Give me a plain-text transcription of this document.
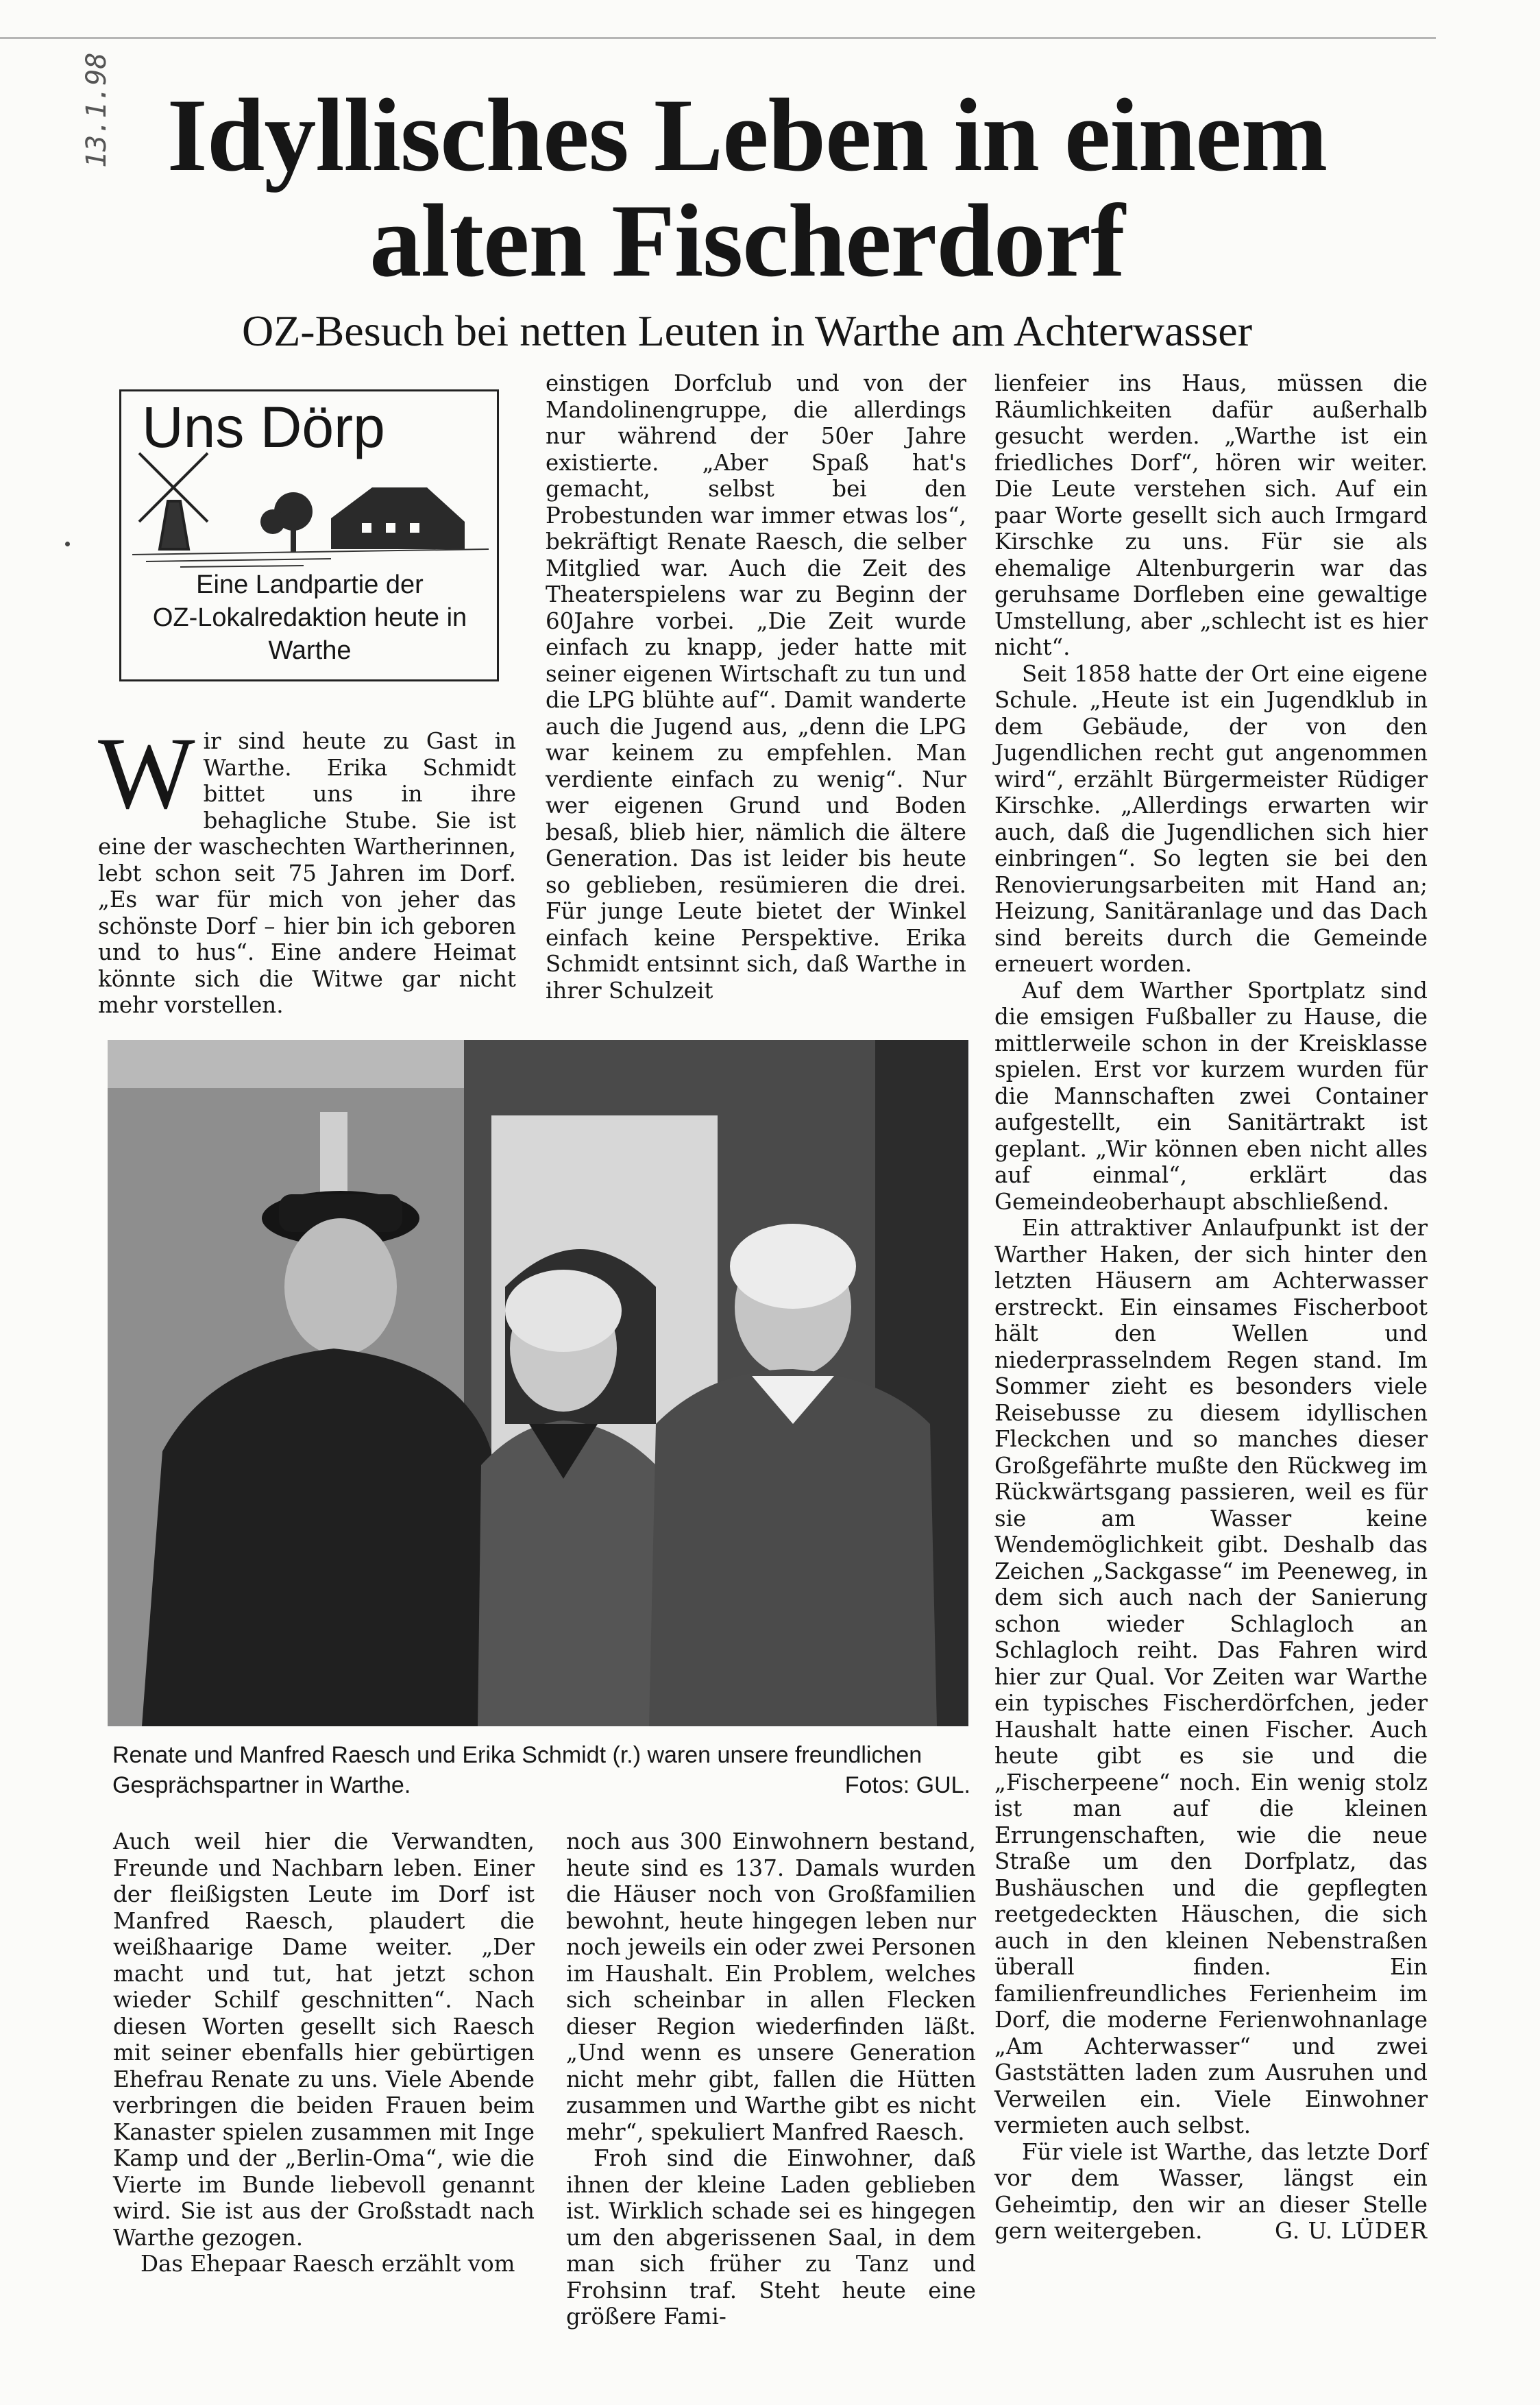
13.1.98 Idyllisches Leben in einem alten Fischerdorf
OZ-Besuch bei netten Leuten in Warthe am Achterwasser
Uns Dörp
Eine Landpartie der
OZ-Lokalredaktion heute in
Warthe

Wir sind heute zu Gast in Warthe. Erika Schmidt bittet uns in ihre behagliche Stube. Sie ist eine der waschechten Wartherinnen, lebt schon seit 75 Jahren im Dorf. „Es war für mich von jeher das schönste Dorf – hier bin ich geboren und to hus“. Eine andere Heimat könnte sich die Witwe gar nicht mehr vorstellen.

einstigen Dorfclub und von der Mandolinengruppe, die allerdings nur während der 50er Jahre existierte. „Aber Spaß hat's gemacht, selbst bei den Probestunden war immer etwas los“, bekräftigt Renate Raesch, die selber Mitglied war. Auch die Zeit des Theaterspielens war zu Beginn der 60Jahre vorbei. „Die Zeit wurde einfach zu knapp, jeder hatte mit seiner eigenen Wirtschaft zu tun und die LPG blühte auf“. Damit wanderte auch die Jugend aus, „denn die LPG war keinem zu empfehlen. Man verdiente einfach zu wenig“. Nur wer eigenen Grund und Boden besaß, blieb hier, nämlich die ältere Generation. Das ist leider bis heute so geblieben, resümieren die drei. Für junge Leute bietet der Winkel einfach keine Perspektive. Erika Schmidt entsinnt sich, daß Warthe in ihrer Schulzeit

lienfeier ins Haus, müssen die Räumlichkeiten dafür außerhalb gesucht werden. „Warthe ist ein friedliches Dorf“, hören wir weiter. Die Leute verstehen sich. Auf ein paar Worte gesellt sich auch Irmgard Kirschke zu uns. Für sie als ehemalige Altenburgerin war das geruhsame Dorfleben eine gewaltige Umstellung, aber „schlecht ist es hier nicht“.

Seit 1858 hatte der Ort eine eigene Schule. „Heute ist ein Jugendklub in dem Gebäude, der von den Jugendlichen recht gut angenommen wird“, erzählt Bürgermeister Rüdiger Kirschke. „Allerdings erwarten wir auch, daß die Jugendlichen sich hier einbringen“. So legten sie bei den Renovierungsarbeiten mit Hand an; Heizung, Sanitäranlage und das Dach sind bereits durch die Gemeinde erneuert worden.

Auf dem Warther Sportplatz sind die emsigen Fußballer zu Hause, die mittlerweile schon in der Kreisklasse spielen. Erst vor kurzem wurden für die Mannschaften zwei Container aufgestellt, ein Sanitärtrakt ist geplant. „Wir können eben nicht alles auf einmal“, erklärt das Gemeindeoberhaupt abschließend.

Ein attraktiver Anlaufpunkt ist der Warther Haken, der sich hinter den letzten Häusern am Achterwasser erstreckt. Ein einsames Fischerboot hält den Wellen und niederprasselndem Regen stand. Im Sommer zieht es besonders viele Reisebusse zu diesem idyllischen Fleckchen und so manches dieser Großgefährte mußte den Rückweg im Rückwärtsgang passieren, weil es für sie am Wasser keine Wendemöglichkeit gibt. Deshalb das Zeichen „Sackgasse“ im Peeneweg, in dem sich auch nach der Sanierung schon wieder Schlagloch an Schlagloch reiht. Das Fahren wird hier zur Qual. Vor Zeiten war Warthe ein typisches Fischerdörfchen, jeder Haushalt hatte einen Fischer. Auch heute gibt es sie und die „Fischerpeene“ noch. Ein wenig stolz ist man auf die kleinen Errungenschaften, wie die neue Straße um den Dorfplatz, das Bushäuschen und die gepflegten reetgedeckten Häuschen, die sich auch in den kleinen Nebenstraßen überall finden. Ein familienfreundliches Ferienheim im Dorf, die moderne Ferienwohnanlage „Am Achterwasser“ und zwei Gaststätten laden zum Ausruhen und Verweilen ein. Viele Einwohner vermieten auch selbst.

Für viele ist Warthe, das letzte Dorf vor dem Wasser, längst ein Geheimtip, den wir an dieser Stelle gern weitergeben.	G. U. LÜDER

Renate und Manfred Raesch und Erika Schmidt (r.) waren unsere freundlichen Gesprächspartner in Warthe.	Fotos: GUL.

Auch weil hier die Verwandten, Freunde und Nachbarn leben. Einer der fleißigsten Leute im Dorf ist Manfred Raesch, plaudert die weißhaarige Dame weiter. „Der macht und tut, hat jetzt schon wieder Schilf geschnitten“. Nach diesen Worten gesellt sich Raesch mit seiner ebenfalls hier gebürtigen Ehefrau Renate zu uns. Viele Abende verbringen die beiden Frauen beim Kanaster spielen zusammen mit Inge Kamp und der „Berlin-Oma“, wie die Vierte im Bunde liebevoll genannt wird. Sie ist aus der Großstadt nach Warthe gezogen.

Das Ehepaar Raesch erzählt vom

noch aus 300 Einwohnern bestand, heute sind es 137. Damals wurden die Häuser noch von Großfamilien bewohnt, heute hingegen leben nur noch jeweils ein oder zwei Personen im Haushalt. Ein Problem, welches sich scheinbar in allen Flecken dieser Region wiederfinden läßt. „Und wenn es unsere Generation nicht mehr gibt, fallen die Hütten zusammen und Warthe gibt es nicht mehr“, spekuliert Manfred Raesch.

Froh sind die Einwohner, daß ihnen der kleine Laden geblieben ist. Wirklich schade sei es hingegen um den abgerissenen Saal, in dem man sich früher zu Tanz und Frohsinn traf. Steht heute eine größere Fami-
